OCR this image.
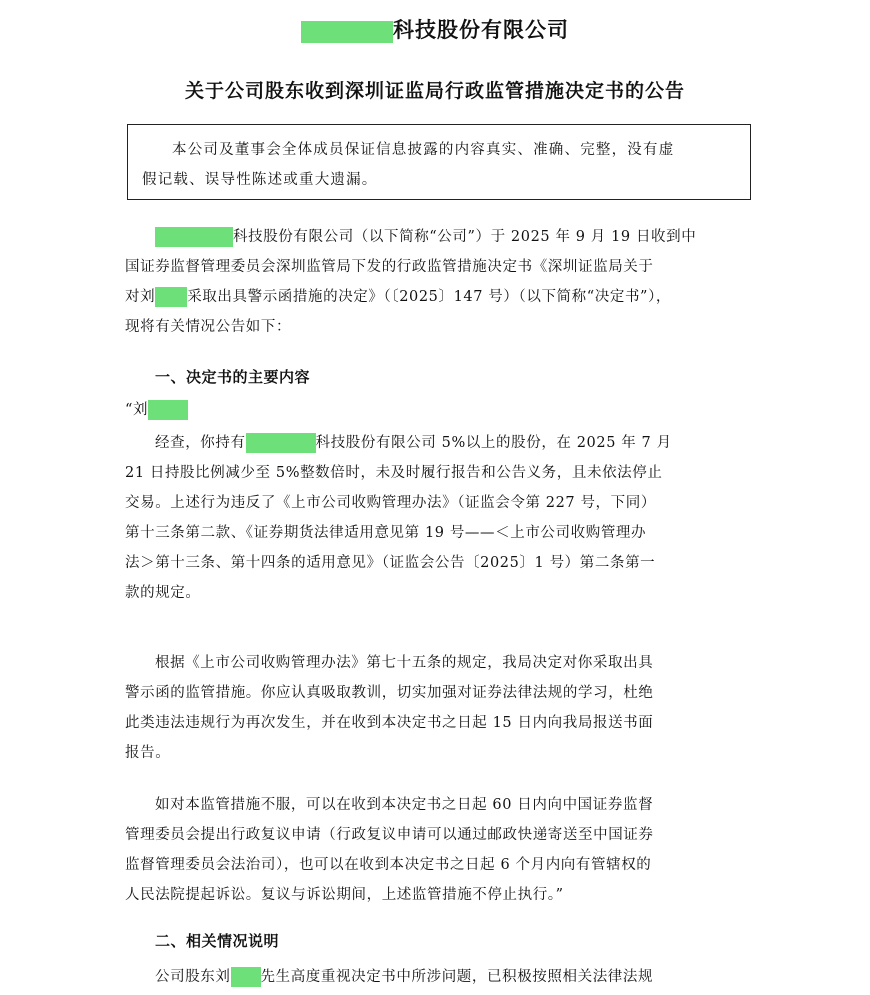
科技股份有限公司
关于公司股东收到深圳证监局行政监管措施决定书的公告
本公司及董事会全体成员保证信息披露的内容真实、准确、完整，没有虚
假记载、误导性陈述或重大遗漏。
科技股份有限公司（以下简称“公司”）于 2025 年 9 月 19 日收到中
国证券监督管理委员会深圳监管局下发的行政监管措施决定书《深圳证监局关于
对刘 采取出具警示函措施的决定》（〔2025〕147 号）（以下简称“决定书”），
现将有关情况公告如下：
一、决定书的主要内容
“刘
经查，你持有	科技股份有限公司 5%以上的股份，在 2025 年 7 月
21 日持股比例减少至 5%整数倍时，未及时履行报告和公告义务，且未依法停止
交易。上述行为违反了《上市公司收购管理办法》（证监会令第 227 号，下同）
第十三条第二款、《证券期货法律适用意见第 19 号——＜上市公司收购管理办
法＞第十三条、第十四条的适用意见》（证监会公告〔2025〕1 号）第二条第一
款的规定。
根据《上市公司收购管理办法》第七十五条的规定，我局决定对你采取出具
警示函的监管措施。你应认真吸取教训，切实加强对证券法律法规的学习，杜绝
此类违法违规行为再次发生，并在收到本决定书之日起 15 日内向我局报送书面
报告。
如对本监管措施不服，可以在收到本决定书之日起 60 日内向中国证券监督
管理委员会提出行政复议申请（行政复议申请可以通过邮政快递寄送至中国证券
监督管理委员会法治司），也可以在收到本决定书之日起 6 个月内向有管辖权的
人民法院提起诉讼。复议与诉讼期间，上述监管措施不停止执行。”
二、相关情况说明
公司股东刘 先生高度重视决定书中所涉问题，已积极按照相关法律法规
